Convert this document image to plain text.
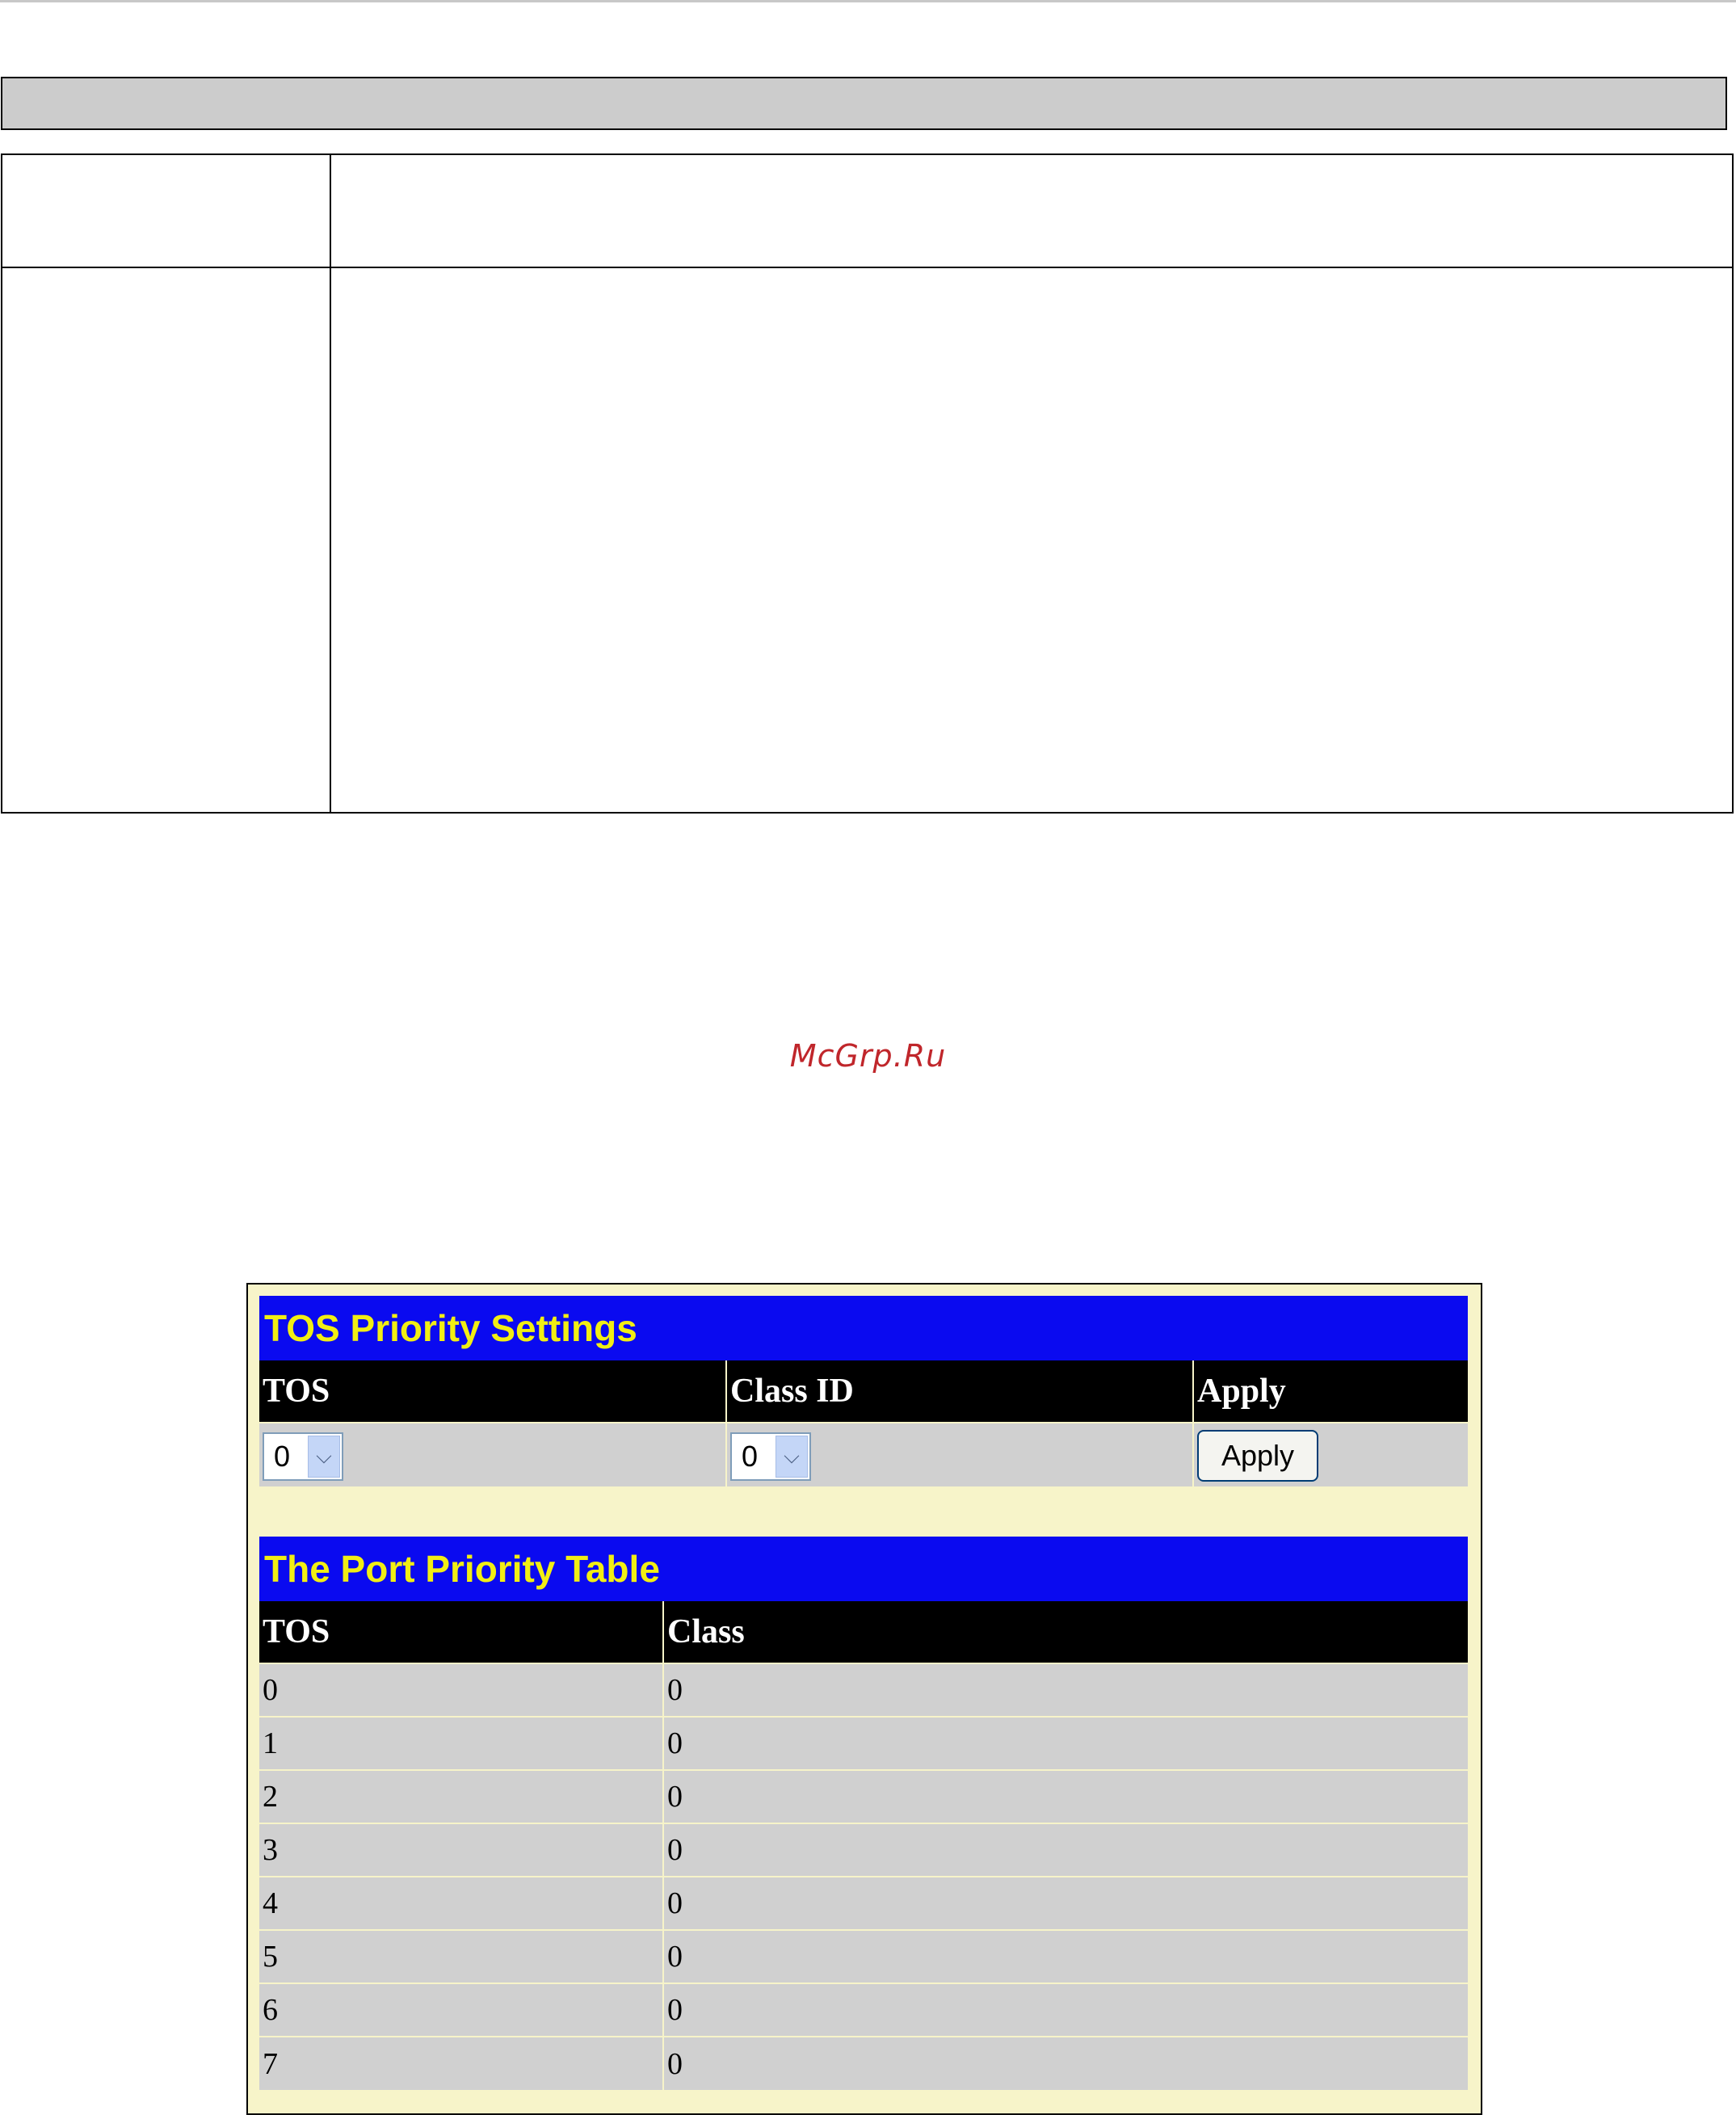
McGrp.Ru
TOS Priority Settings
TOS	Class ID	Apply

0 ⌵	0 ⌵	Apply
The Port Priority Table
TOS	Class
0	0
1	0
2	0
3	0
4	0
5	0
6	0
7	0
